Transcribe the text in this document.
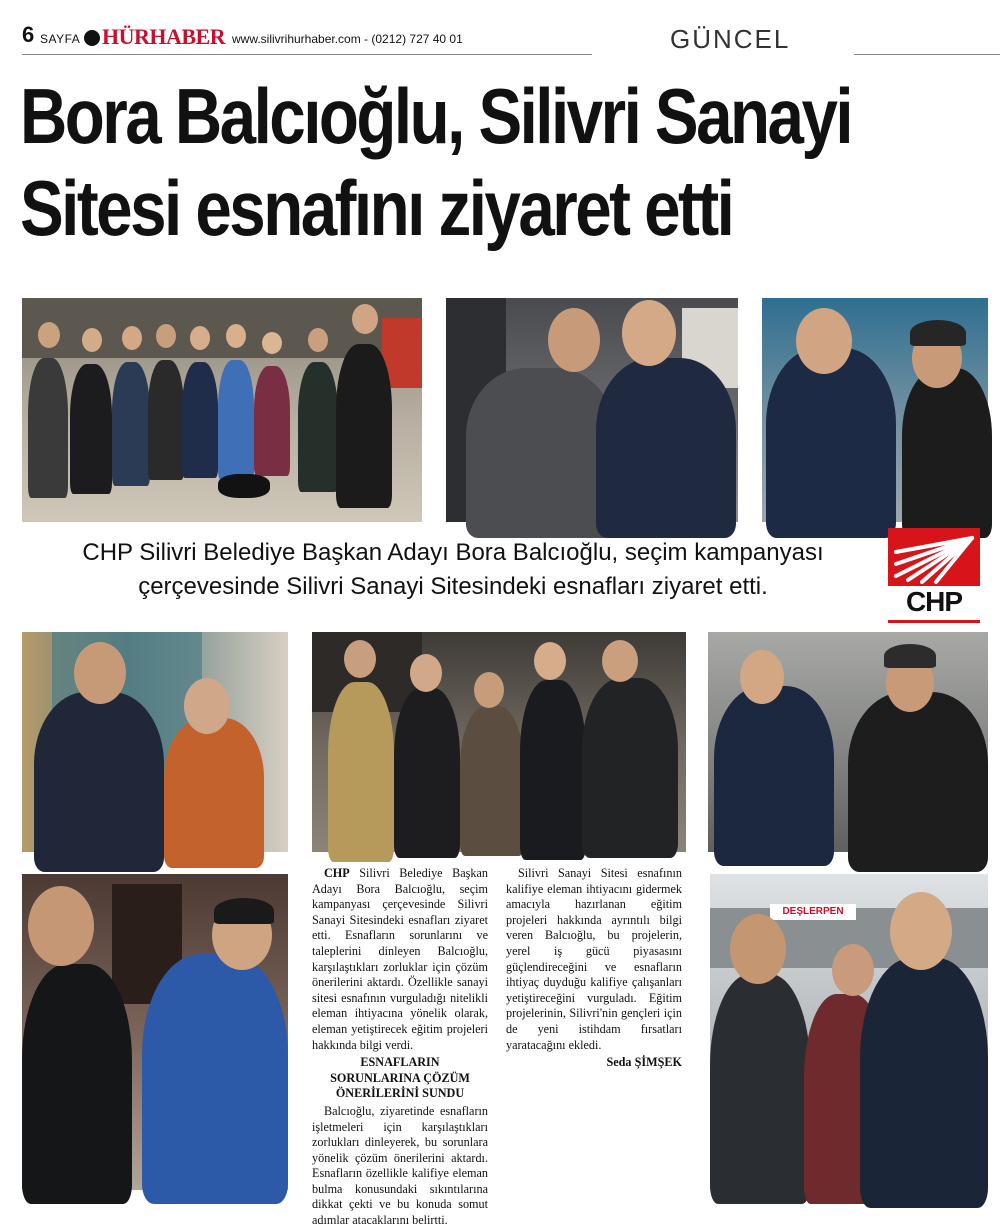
6 SAYFA HÜRHABER www.silivrihurhaber.com - (0212) 727 40 01	GÜNCEL
Bora Balcıoğlu, Silivri Sanayi
Sitesi esnafını ziyaret etti
CHP Silivri Belediye Başkan Adayı Bora Balcıoğlu, seçim kampanyası
çerçevesinde Silivri Sanayi Sitesindeki esnafları ziyaret etti.	CHP
DEŞLERPEN

CHP Silivri Belediye Başkan Adayı Bora Balcıoğlu, seçim kampanyası çerçevesinde Silivri Sanayi Sitesindeki esnafları ziyaret etti. Esnafların sorunlarını ve taleplerini dinleyen Balcıoğlu, karşılaştıkları zorluklar için çözüm önerilerini aktardı. Özellikle sanayi sitesi esnafının vurguladığı nitelikli eleman ihtiyacına yönelik olarak, eleman yetiştirecek eğitim projeleri hakkında bilgi verdi.

ESNAFLARIN
SORUNLARINA ÇÖZÜM
ÖNERİLERİNİ SUNDU

Balcıoğlu, ziyaretinde esnafların işletmeleri için karşılaştıkları zorlukları dinleyerek, bu sorunlara yönelik çözüm önerilerini aktardı. Esnafların özellikle kalifiye eleman bulma konusundaki sıkıntılarına dikkat çekti ve bu konuda somut adımlar atacaklarını belirtti.

Silivri Sanayi Sitesi esnafının kalifiye eleman ihtiyacını gidermek amacıyla hazırlanan eğitim projeleri hakkında ayrıntılı bilgi veren Balcıoğlu, bu projelerin, yerel iş gücü piyasasını güçlendireceğini ve esnafların ihtiyaç duyduğu kalifiye çalışanları yetiştireceğini vurguladı. Eğitim projelerinin, Silivri'nin gençleri için de yeni istihdam fırsatları yaratacağını ekledi.

Seda ŞİMŞEK
